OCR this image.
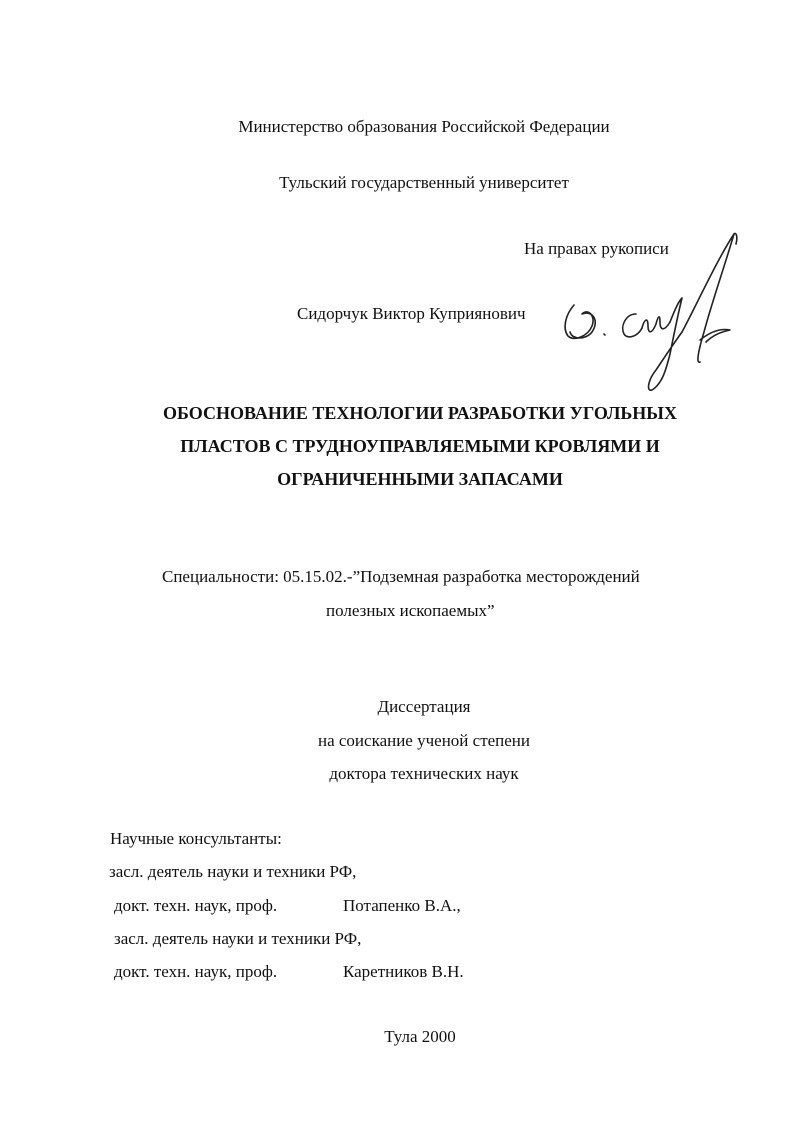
Министерство образования Российской Федерации
Тульский государственный университет
На правах рукописи
Сидорчук Виктор Куприянович
ОБОСНОВАНИЕ ТЕХНОЛОГИИ РАЗРАБОТКИ УГОЛЬНЫХ
ПЛАСТОВ С ТРУДНОУПРАВЛЯЕМЫМИ КРОВЛЯМИ И
ОГРАНИЧЕННЫМИ ЗАПАСАМИ
Специальности: 05.15.02.-”Подземная разработка месторождений
полезных ископаемых”
Диссертация
на соискание ученой степени
доктора технических наук
Научные консультанты:
засл. деятель науки и техники РФ,
докт. техн. наук, проф.	Потапенко В.А.,
засл. деятель науки и техники РФ,
докт. техн. наук, проф.	Каретников В.Н.
Тула 2000
